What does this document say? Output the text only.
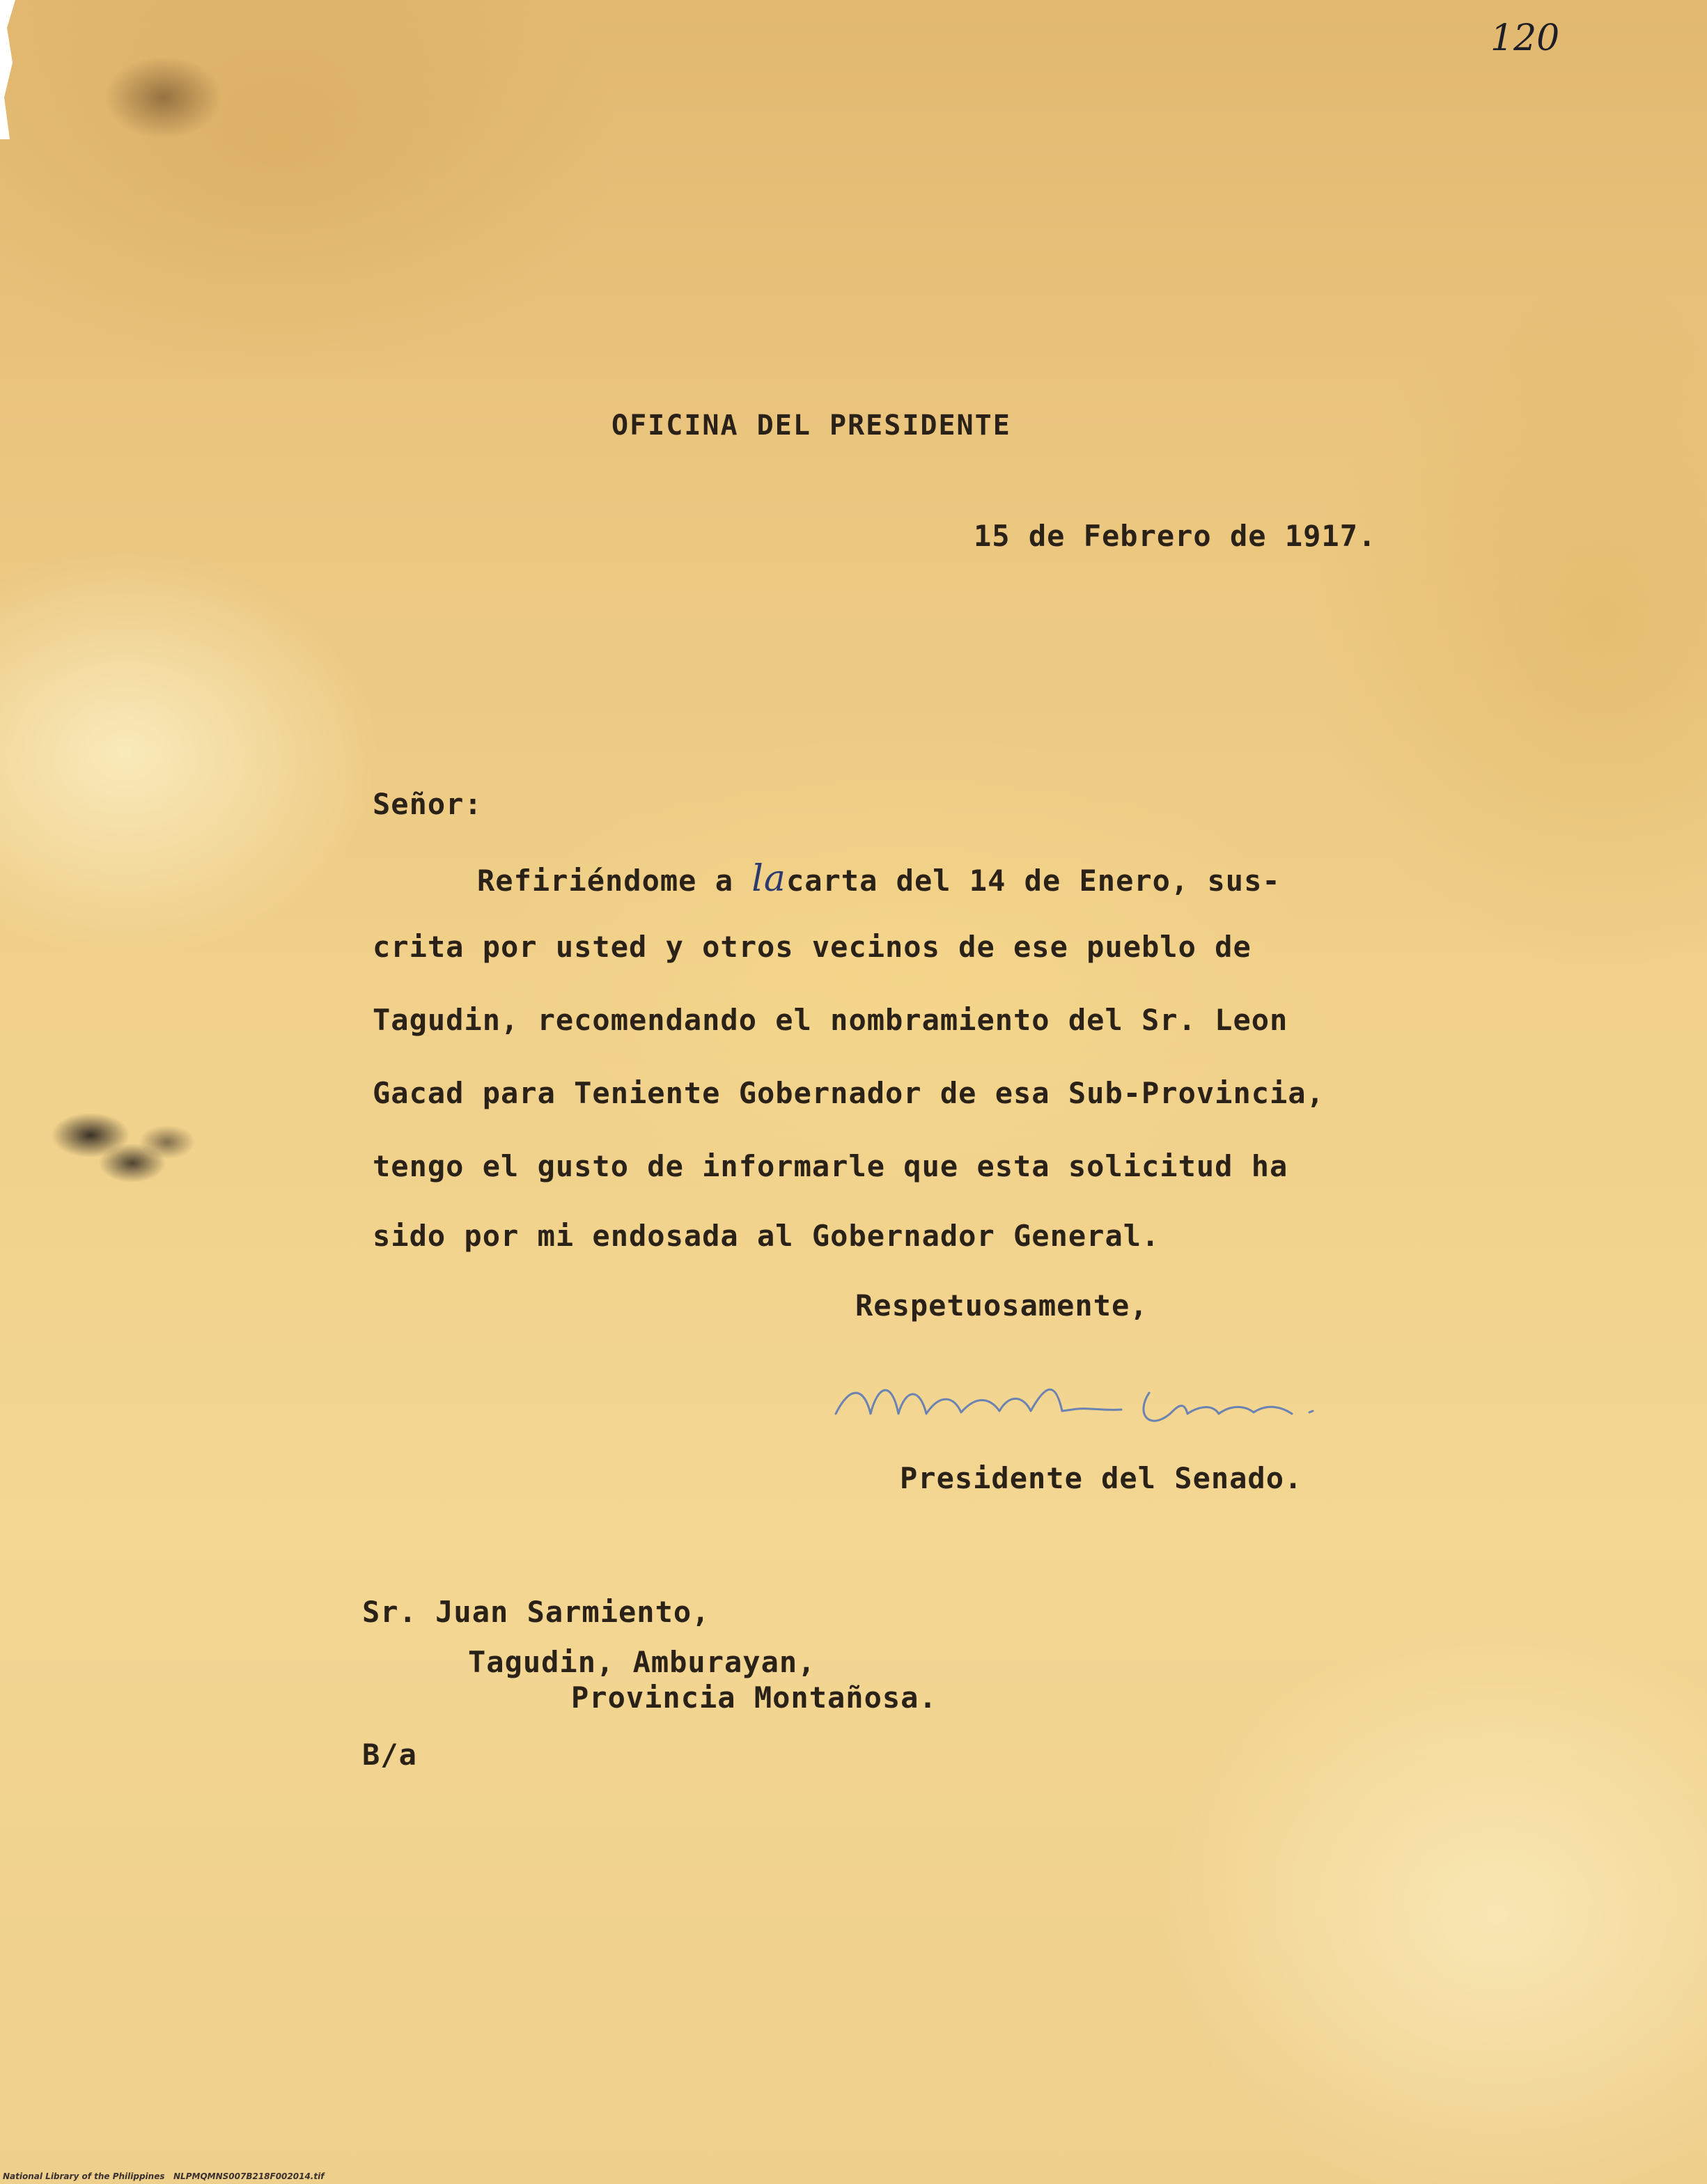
120

OFICINA DEL PRESIDENTE

15 de Febrero de 1917.

Señor:

Refiriéndome a lacarta del 14 de Enero, sus-

crita por usted y otros vecinos de ese pueblo de

Tagudin, recomendando el nombramiento del Sr. Leon

Gacad para Teniente Gobernador de esa Sub-Provincia,

tengo el gusto de informarle que esta solicitud ha

sido por mi endosada al Gobernador General.

Respetuosamente,

Presidente del Senado.

Sr. Juan Sarmiento,

Tagudin, Amburayan,

Provincia Montañosa.

B/a

National Library of the Philippines   NLPMQMNS007B218F002014.tif
